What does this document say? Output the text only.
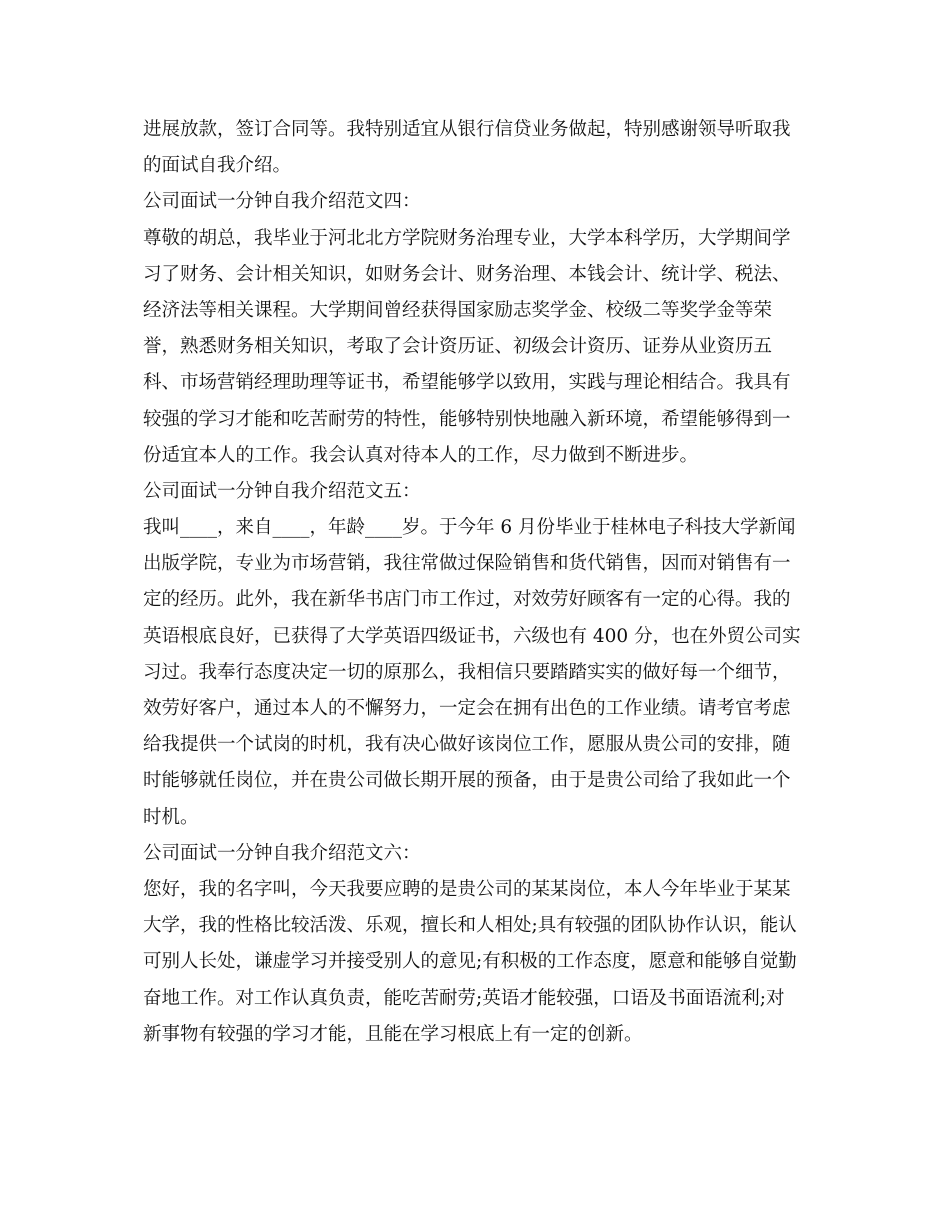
进展放款，签订合同等。我特别适宜从银行信贷业务做起，特别感谢领导听取我
的面试自我介绍。
公司面试一分钟自我介绍范文四：
尊敬的胡总，我毕业于河北北方学院财务治理专业，大学本科学历，大学期间学
习了财务、会计相关知识，如财务会计、财务治理、本钱会计、统计学、税法、
经济法等相关课程。大学期间曾经获得国家励志奖学金、校级二等奖学金等荣
誉，熟悉财务相关知识，考取了会计资历证、初级会计资历、证券从业资历五
科、市场营销经理助理等证书，希望能够学以致用，实践与理论相结合。我具有
较强的学习才能和吃苦耐劳的特性，能够特别快地融入新环境，希望能够得到一
份适宜本人的工作。我会认真对待本人的工作，尽力做到不断进步。
公司面试一分钟自我介绍范文五：
我叫____，来自____，年龄____岁。于今年 6 月份毕业于桂林电子科技大学新闻
出版学院，专业为市场营销，我往常做过保险销售和货代销售，因而对销售有一
定的经历。此外，我在新华书店门市工作过，对效劳好顾客有一定的心得。我的
英语根底良好，已获得了大学英语四级证书，六级也有 400 分，也在外贸公司实
习过。我奉行态度决定一切的原那么，我相信只要踏踏实实的做好每一个细节，
效劳好客户，通过本人的不懈努力，一定会在拥有出色的工作业绩。请考官考虑
给我提供一个试岗的时机，我有决心做好该岗位工作，愿服从贵公司的安排，随
时能够就任岗位，并在贵公司做长期开展的预备，由于是贵公司给了我如此一个
时机。
公司面试一分钟自我介绍范文六：
您好，我的名字叫，今天我要应聘的是贵公司的某某岗位，本人今年毕业于某某
大学，我的性格比较活泼、乐观，擅长和人相处;具有较强的团队协作认识，能认
可别人长处，谦虚学习并接受别人的意见;有积极的工作态度，愿意和能够自觉勤
奋地工作。对工作认真负责，能吃苦耐劳;英语才能较强，口语及书面语流利;对
新事物有较强的学习才能，且能在学习根底上有一定的创新。
